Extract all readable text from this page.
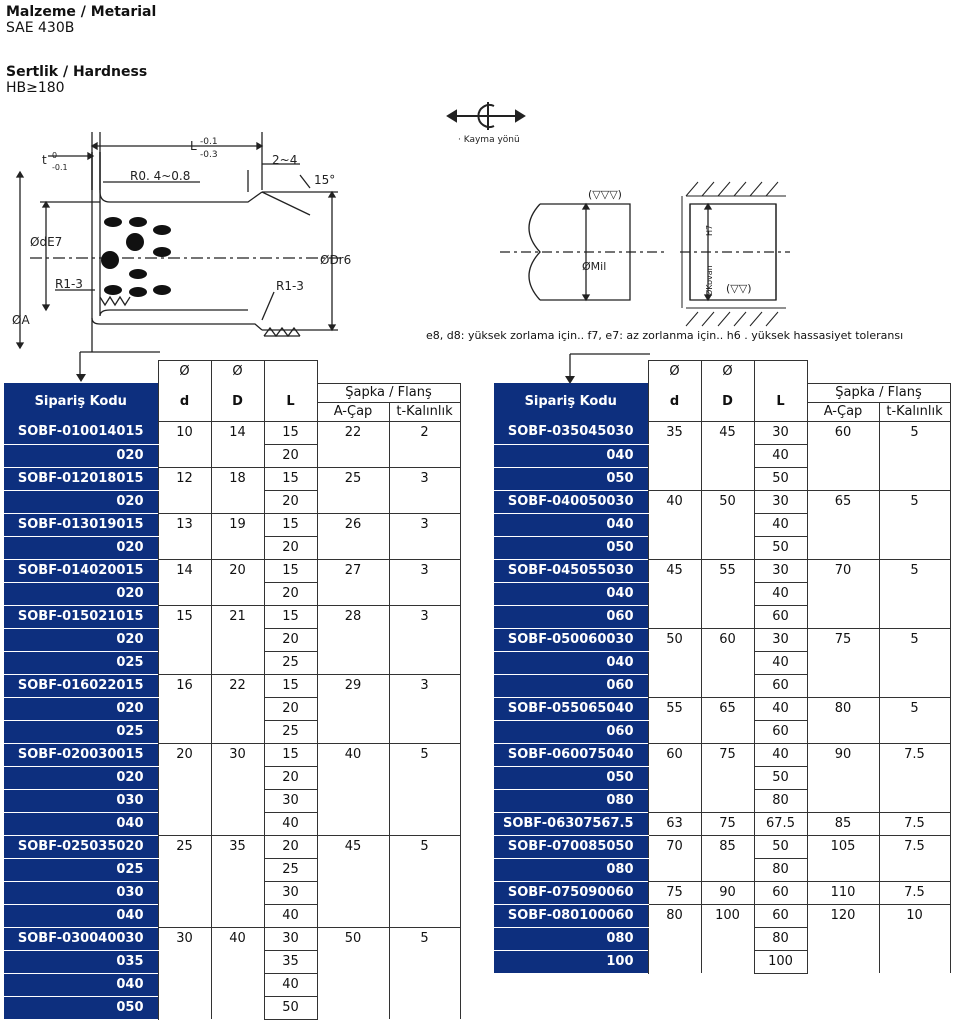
Malzeme / Metarial
SAE 430B
Sertlik / Hardness
HB≥180
t 0
-0.1
L -0.1
-0.3
R0. 4~0.8
2~4
15°
ØdE7
ØDr6
R1-3	R1-3
ØA
· Kayma yönü
(▽▽▽)
ØMil
(▽▽)
H7
ØKovan
e8, d8: yüksek zorlama için.. f7, e7: az zorlanma için.. h6 . yüksek hassasiyet toleransı
	Ø	Ø			
Sipariş Kodu	d	D	L	Şapka / Flanş	
				A-Çap	t-Kalınlık
SOBF-010014015	10	14	15	22	2
020			20		
SOBF-012018015	12	18	15	25	3
020			20		
SOBF-013019015	13	19	15	26	3
020			20		
SOBF-014020015	14	20	15	27	3
020			20		
SOBF-015021015	15	21	15	28	3
020			20		
025			25		
SOBF-016022015	16	22	15	29	3
020			20		
025			25		
SOBF-020030015	20	30	15	40	5
020			20		
030			30		
040			40		
SOBF-025035020	25	35	20	45	5
025			25		
030			30		
040			40		
SOBF-030040030	30	40	30	50	5
035			35		
040			40		
050			50		
	Ø	Ø			
Sipariş Kodu	d	D	L	Şapka / Flanş	
				A-Çap	t-Kalınlık
SOBF-035045030	35	45	30	60	5
040			40		
050			50		
SOBF-040050030	40	50	30	65	5
040			40		
050			50		
SOBF-045055030	45	55	30	70	5
040			40		
060			60		
SOBF-050060030	50	60	30	75	5
040			40		
060			60		
SOBF-055065040	55	65	40	80	5
060			60		
SOBF-060075040	60	75	40	90	7.5
050			50		
080			80		
SOBF-06307567.5	63	75	67.5	85	7.5
SOBF-070085050	70	85	50	105	7.5
080			80		
SOBF-075090060	75	90	60	110	7.5
SOBF-080100060	80	100	60	120	10
080			80		
100			100		
